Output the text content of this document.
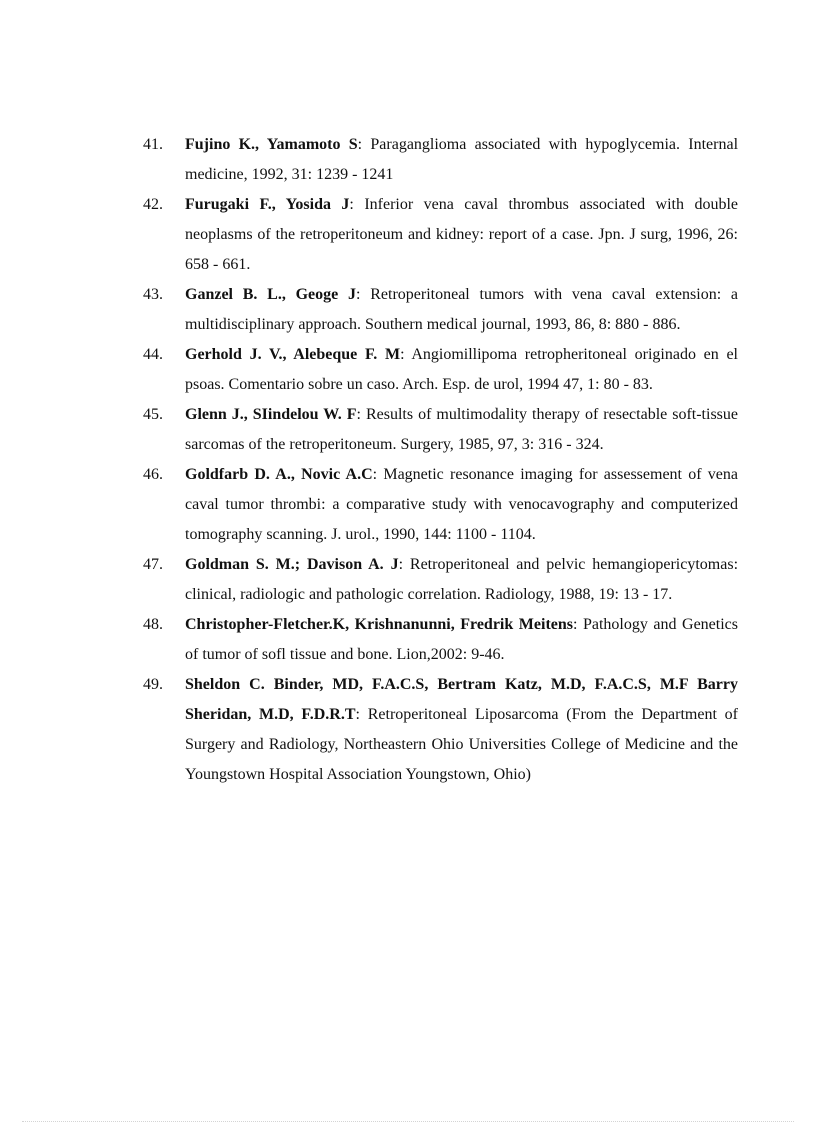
41. Fujino K., Yamamoto S: Paraganglioma associated with hypoglycemia. Internal medicine, 1992, 31: 1239 - 1241
42. Furugaki F., Yosida J: Inferior vena caval thrombus associated with double neoplasms of the retroperitoneum and kidney: report of a case. Jpn. J surg, 1996, 26: 658 - 661.
43. Ganzel B. L., Geoge J: Retroperitoneal tumors with vena caval extension: a multidisciplinary approach. Southern medical journal, 1993, 86, 8: 880 - 886.
44. Gerhold J. V., Alebeque F. M: Angiomillipoma retropheritoneal originado en el psoas. Comentario sobre un caso. Arch. Esp. de urol, 1994 47, 1: 80 - 83.
45. Glenn J., SIindelou W. F: Results of multimodality therapy of resectable soft-tissue sarcomas of the retroperitoneum. Surgery, 1985, 97, 3: 316 - 324.
46. Goldfarb D. A., Novic A.C: Magnetic resonance imaging for assessement of vena caval tumor thrombi: a comparative study with venocavography and computerized tomography scanning. J. urol., 1990, 144: 1100 - 1104.
47. Goldman S. M.; Davison A. J: Retroperitoneal and pelvic hemangiopericytomas: clinical, radiologic and pathologic correlation. Radiology, 1988, 19: 13 - 17.
48. Christopher-Fletcher.K, Krishnanunni, Fredrik Meitens: Pathology and Genetics of tumor of sofl tissue and bone. Lion,2002: 9-46.
49. Sheldon C. Binder, MD, F.A.C.S, Bertram Katz, M.D, F.A.C.S, M.F Barry Sheridan, M.D, F.D.R.T: Retroperitoneal Liposarcoma (From the Department of Surgery and Radiology, Northeastern Ohio Universities College of Medicine and the Youngstown Hospital Association Youngstown, Ohio)
